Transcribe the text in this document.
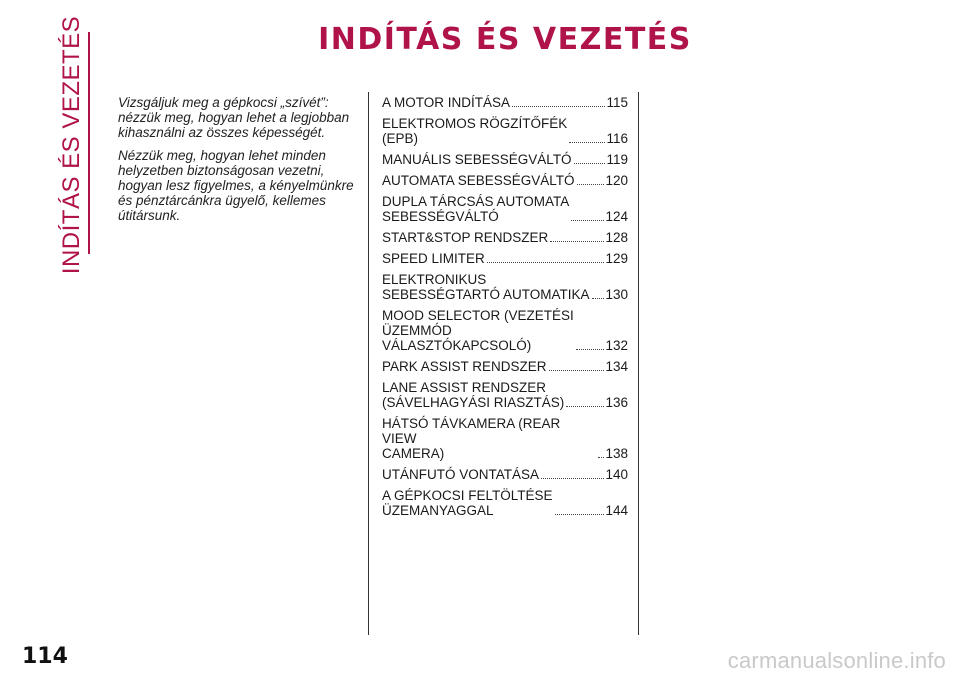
INDÍTÁS ÉS VEZETÉS	INDÍTÁS ÉS VEZETÉS

Vizsgáljuk meg a gépkocsi „szívét”: nézzük meg, hogyan lehet a legjobban kihasználni az összes képességét.

Nézzük meg, hogyan lehet minden helyzetben biztonságosan vezetni, hogyan lesz figyelmes, a kényelmünkre és pénztárcánkra ügyelő, kellemes útitársunk.

A MOTOR INDÍTÁSA	115
ELEKTROMOS RÖGZÍTŐFÉK
(EPB)	116
MANUÁLIS SEBESSÉGVÁLTÓ	119
AUTOMATA SEBESSÉGVÁLTÓ 120
DUPLA TÁRCSÁS AUTOMATA
SEBESSÉGVÁLTÓ	124
START&STOP RENDSZER	128
SPEED LIMITER	129
ELEKTRONIKUS
SEBESSÉGTARTÓ AUTOMATIKA 130
MOOD SELECTOR (VEZETÉSI
ÜZEMMÓD
VÁLASZTÓKAPCSOLÓ)	132
PARK ASSIST RENDSZER	134
LANE ASSIST RENDSZER
(SÁVELHAGYÁSI RIASZTÁS)	136
HÁTSÓ TÁVKAMERA (REAR VIEW
CAMERA)	138
UTÁNFUTÓ VONTATÁSA	140
A GÉPKOCSI FELTÖLTÉSE
ÜZEMANYAGGAL	144
114	carmanualsonline.info
